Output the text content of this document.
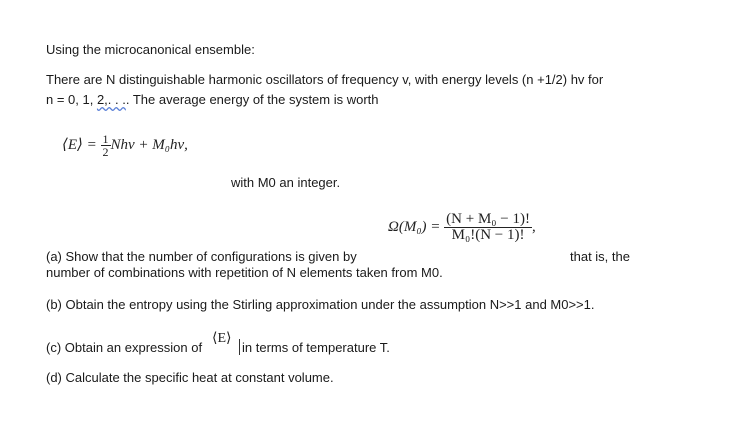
Using the microcanonical ensemble:
There are N distinguishable harmonic oscillators of frequency v, with energy levels (n +1/2) hv for
n = 0, 1, 2,. . .. The average energy of the system is worth
⟨E⟩ = $\frac{1}{2}$ Nhν + M₀hν,
with M0 an integer.
$\Omega(M_0) = \frac{\text{(N + M₀ − 1)!}}{\text{M₀!(N − 1)!}}$ ,
(a) Show that the number of configurations is given by	that is, the
number of combinations with repetition of N elements taken from M0.
(b) Obtain the entropy using the Stirling approximation under the assumption N>>1 and M0>>1.
(c) Obtain an expression of
⟨E⟩
in terms of temperature T.
(d) Calculate the specific heat at constant volume.
